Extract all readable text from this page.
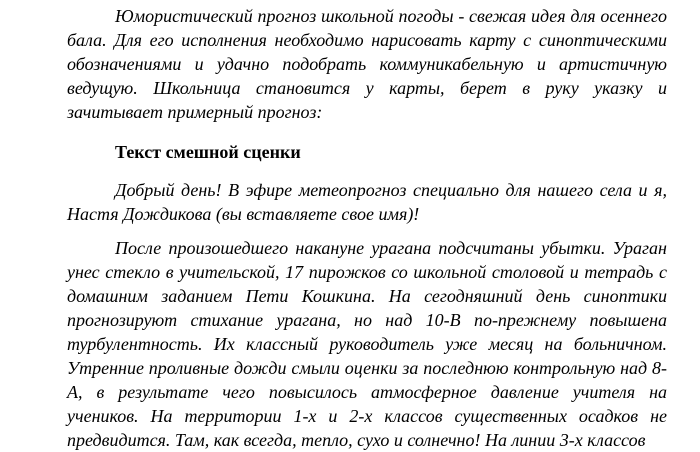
Юмористический прогноз школьной погоды - свежая идея для осеннего бала. Для его исполнения необходимо нарисовать карту с синоптическими обозначениями и удачно подобрать коммуникабельную и артистичную ведущую. Школьница становится у карты, берет в руку указку и зачитывает примерный прогноз:

Текст смешной сценки

Добрый день! В эфире метеопрогноз специально для нашего села и я, Настя Дождикова (вы вставляете свое имя)!

После произошедшего накануне урагана подсчитаны убытки. Ураган унес стекло в учительской, 17 пирожков со школьной столовой и тетрадь с домашним заданием Пети Кошкина. На сегодняшний день синоптики прогнозируют стихание урагана, но над 10-В по-прежнему повышена турбулентность. Их классный руководитель уже месяц на больничном. Утренние проливные дожди смыли оценки за последнюю контрольную над 8-А, в результате чего повысилось атмосферное давление учителя на учеников. На территории 1-х и 2-х классов существенных осадков не предвидится. Там, как всегда, тепло, сухо и солнечно! На линии 3-х классов
